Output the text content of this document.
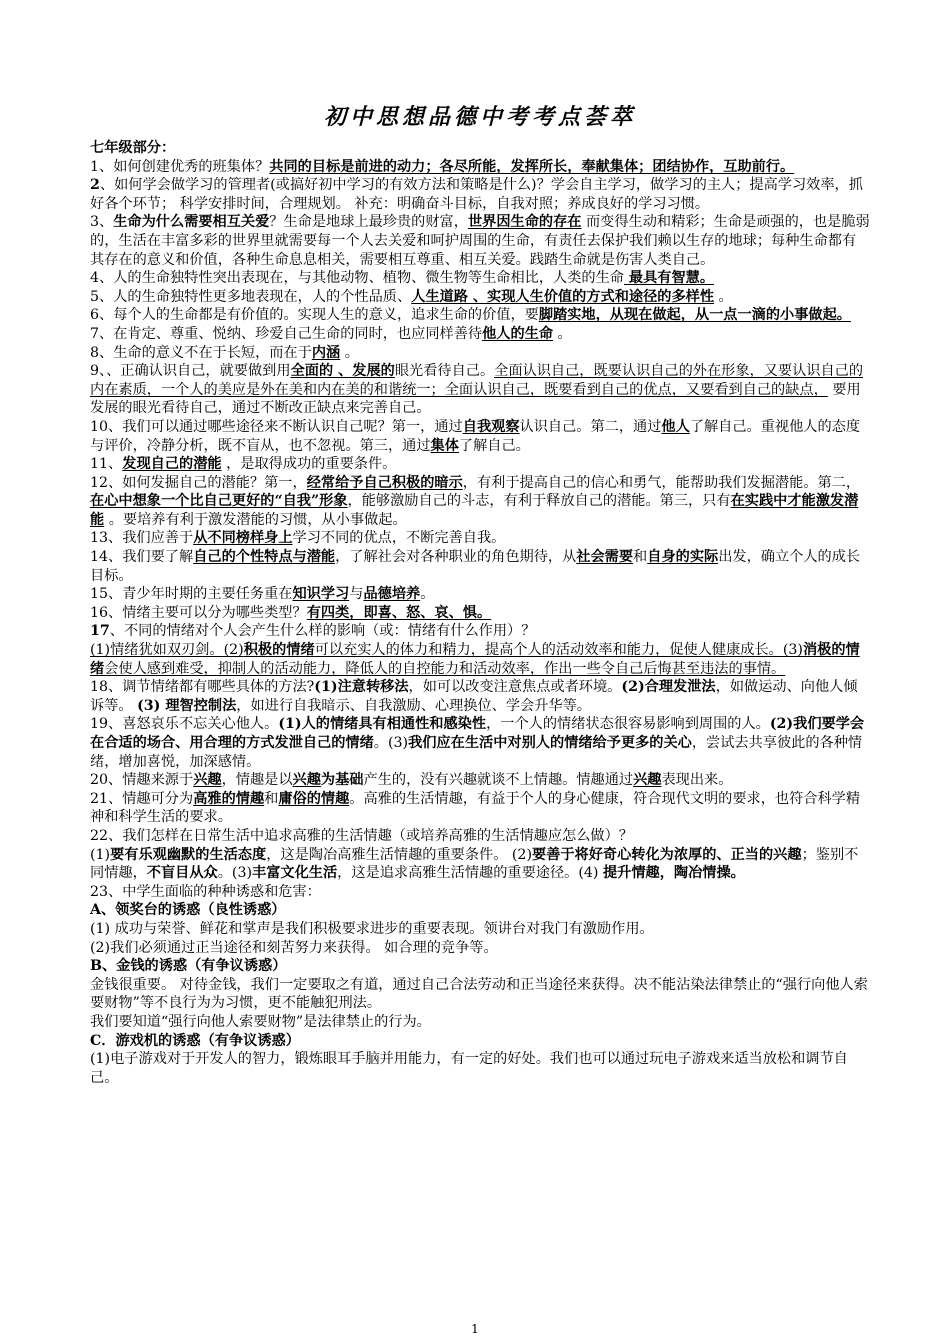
初中思想品德中考考点荟萃

七年级部分：

1、如何创建优秀的班集体？共同的目标是前进的动力；各尽所能，发挥所长，奉献集体；团结协作，互助前行。

2、如何学会做学习的管理者(或搞好初中学习的有效方法和策略是什么)？学会自主学习，做学习的主人；提高学习效率，抓好各个环节； 科学安排时间，合理规划。 补充：明确奋斗目标，自我对照；养成良好的学习习惯。

3、生命为什么需要相互关爱？生命是地球上最珍贵的财富，世界因生命的存在 而变得生动和精彩；生命是顽强的，也是脆弱的，生活在丰富多彩的世界里就需要每一个人去关爱和呵护周围的生命，有责任去保护我们赖以生存的地球；每种生命都有其存在的意义和价值，各种生命息息相关，需要相互尊重、相互关爱。践踏生命就是伤害人类自己。

4、人的生命独特性突出表现在，与其他动物、植物、微生物等生命相比，人类的生命 最具有智慧。

5、人的生命独特性更多地表现在，人的个性品质、人生道路 、实现人生价值的方式和途径的多样性 。

6、每个人的生命都是有价值的。实现人生的意义，追求生命的价值，要脚踏实地，从现在做起，从一点一滴的小事做起。

7、在肯定、尊重、悦纳、珍爱自己生命的同时，也应同样善待他人的生命 。

8、生命的意义不在于长短，而在于内涵 。

9、、正确认识自己，就要做到用全面的 、发展的眼光看待自己。全面认识自己，既要认识自己的外在形象，又要认识自己的内在素质，一个人的美应是外在美和内在美的和谐统一；全面认识自己，既要看到自己的优点，又要看到自己的缺点， 要用发展的眼光看待自己，通过不断改正缺点来完善自己。

10、我们可以通过哪些途径来不断认识自己呢？第一，通过自我观察认识自己。第二，通过他人了解自己。重视他人的态度与评价，冷静分析，既不盲从，也不忽视。第三，通过集体了解自己。

11、发现自己的潜能 ，是取得成功的重要条件。

12、如何发掘自己的潜能？第一，经常给予自己积极的暗示，有利于提高自己的信心和勇气，能帮助我们发掘潜能。第二，在心中想象一个比自己更好的“自我”形象，能够激励自己的斗志，有利于释放自己的潜能。第三，只有在实践中才能激发潜能 。要培养有利于激发潜能的习惯，从小事做起。

13、我们应善于从不同榜样身上学习不同的优点，不断完善自我。

14、我们要了解自己的个性特点与潜能，了解社会对各种职业的角色期待，从社会需要和自身的实际出发，确立个人的成长目标。

15、青少年时期的主要任务重在知识学习与品德培养。

16、情绪主要可以分为哪些类型？有四类，即喜、怒、哀、惧。

17、不同的情绪对个人会产生什么样的影响（或：情绪有什么作用）？

(1)情绪犹如双刃剑。(2)积极的情绪可以充实人的体力和精力，提高个人的活动效率和能力，促使人健康成长。(3)消极的情绪会使人感到难受，抑制人的活动能力，降低人的自控能力和活动效率，作出一些令自己后悔甚至违法的事情。

18、调节情绪都有哪些具体的方法?(1)注意转移法，如可以改变注意焦点或者环境。(2)合理发泄法，如做运动、向他人倾诉等。 (3) 理智控制法，如进行自我暗示、自我激励、心理换位、学会升华等。

19、喜怒哀乐不忘关心他人。(1)人的情绪具有相通性和感染性，一个人的情绪状态很容易影响到周围的人。(2)我们要学会在合适的场合、用合理的方式发泄自己的情绪。(3)我们应在生活中对别人的情绪给予更多的关心，尝试去共享彼此的各种情绪，增加喜悦，加深感情。

20、情趣来源于兴趣，情趣是以兴趣为基础产生的，没有兴趣就谈不上情趣。情趣通过兴趣表现出来。

21、情趣可分为高雅的情趣和庸俗的情趣。高雅的生活情趣，有益于个人的身心健康，符合现代文明的要求，也符合科学精神和科学生活的要求。

22、我们怎样在日常生活中追求高雅的生活情趣（或培养高雅的生活情趣应怎么做）？

(1)要有乐观幽默的生活态度，这是陶冶高雅生活情趣的重要条件。 (2)要善于将好奇心转化为浓厚的、正当的兴趣；鉴别不同情趣，不盲目从众。(3)丰富文化生活，这是追求高雅生活情趣的重要途径。(4) 提升情趣，陶冶情操。

23、中学生面临的种种诱惑和危害：

A、领奖台的诱惑（良性诱惑）

(1) 成功与荣誉、鲜花和掌声是我们积极要求进步的重要表现。领讲台对我门有激励作用。

(2)我们必须通过正当途径和刻苦努力来获得。 如合理的竞争等。

B、金钱的诱惑（有争议诱惑）

金钱很重要。 对待金钱，我们一定要取之有道，通过自己合法劳动和正当途径来获得。决不能沾染法律禁止的“强行向他人索要财物”等不良行为为习惯，更不能触犯刑法。

我们要知道“强行向他人索要财物”是法律禁止的行为。

C．游戏机的诱惑（有争议诱惑）

(1)电子游戏对于开发人的智力，锻炼眼耳手脑并用能力，有一定的好处。我们也可以通过玩电子游戏来适当放松和调节自己。

1
